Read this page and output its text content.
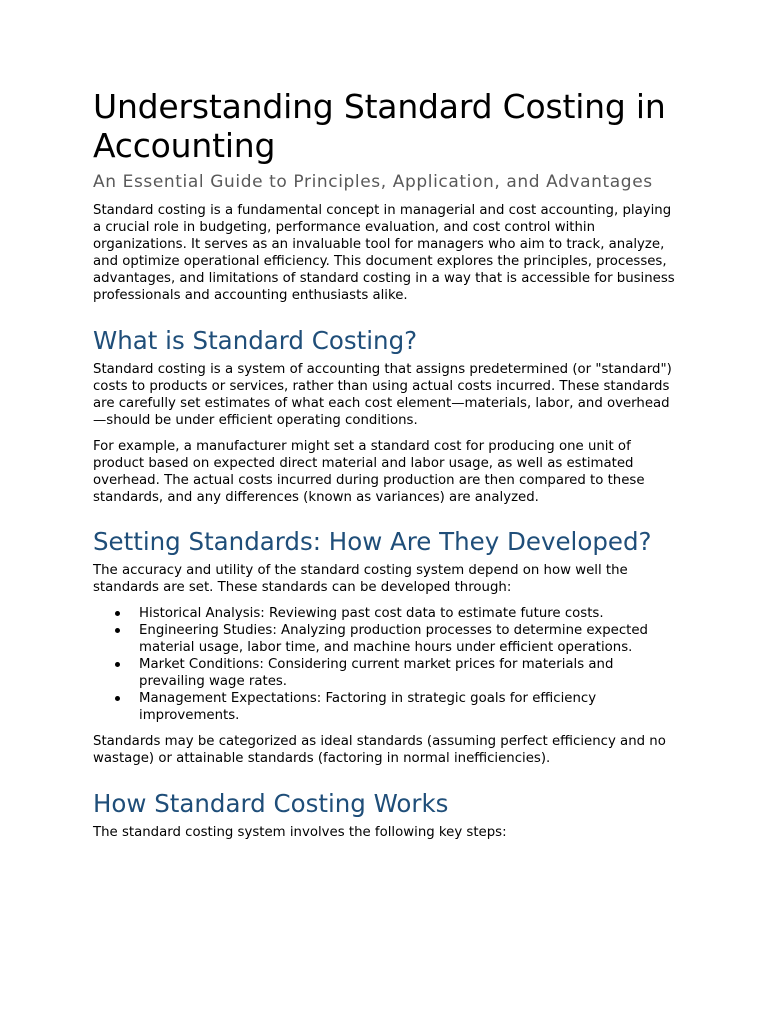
Understanding Standard Costing in Accounting
An Essential Guide to Principles, Application, and Advantages

Standard costing is a fundamental concept in managerial and cost accounting, playing a crucial role in budgeting, performance evaluation, and cost control within organizations. It serves as an invaluable tool for managers who aim to track, analyze, and optimize operational efficiency. This document explores the principles, processes, advantages, and limitations of standard costing in a way that is accessible for business professionals and accounting enthusiasts alike.

What is Standard Costing?

Standard costing is a system of accounting that assigns predetermined (or "standard") costs to products or services, rather than using actual costs incurred. These standards are carefully set estimates of what each cost element—materials, labor, and overhead—should be under efficient operating conditions.

For example, a manufacturer might set a standard cost for producing one unit of product based on expected direct material and labor usage, as well as estimated overhead. The actual costs incurred during production are then compared to these standards, and any differences (known as variances) are analyzed.

Setting Standards: How Are They Developed?

The accuracy and utility of the standard costing system depend on how well the standards are set. These standards can be developed through:

Historical Analysis: Reviewing past cost data to estimate future costs.
Engineering Studies: Analyzing production processes to determine expected material usage, labor time, and machine hours under efficient operations.
Market Conditions: Considering current market prices for materials and prevailing wage rates.
Management Expectations: Factoring in strategic goals for efficiency improvements.

Standards may be categorized as ideal standards (assuming perfect efficiency and no wastage) or attainable standards (factoring in normal inefficiencies).

How Standard Costing Works

The standard costing system involves the following key steps:
